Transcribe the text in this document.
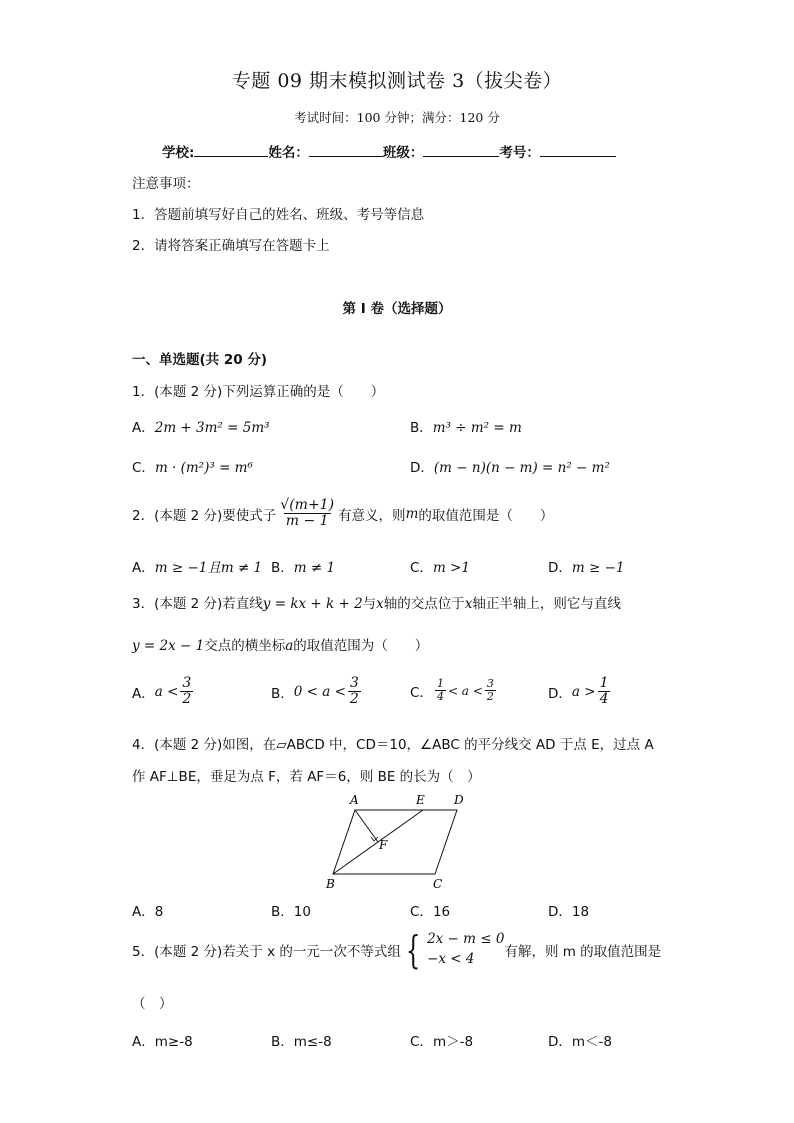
专题 09 期末模拟测试卷 3（拔尖卷）
考试时间：100 分钟；满分：120 分
学校:	姓名：	班级：	考号：
注意事项：
1．答题前填写好自己的姓名、班级、考号等信息
2．请将答案正确填写在答题卡上
第 I 卷（选择题）
一、单选题(共 20 分)
1．(本题 2 分)下列运算正确的是（　　）
A．2m + 3m² = 5m³	B．m³ ÷ m² = m
C．m · (m²)³ = m⁶	D．(m − n)(n − m) = n² − m²
2．(本题 2 分)要使式子 $\frac{√(m+1)}{m - 1}$ 有意义，则 m 的取值范围是（　　）
A．m ≥ −1且m ≠ 1 B．m ≠ 1	C．m >1	D．m ≥ −1
3．(本题 2 分)若直线y = kx + k + 2与x轴的交点位于x轴正半轴上，则它与直线
y = 2x − 1交点的横坐标a的取值范围为（　　）
A． $a < \frac{3}{2}$	B． $0 < a < \frac{3}{2}$	C． $\frac{1}{4} < a < \frac{3}{2}$	D． $a > \frac{1}{4}$
4．(本题 2 分)如图，在▱ABCD 中，CD＝10，∠ABC 的平分线交 AD 于点 E，过点 A
作 AF⊥BE，垂足为点 F，若 AF＝6，则 BE 的长为（　）
A	E D
F
B	C
A．8	B．10	C．16	D．18
5．(本题 2 分)若关于 x 的一元一次不等式组 { 2x − m ≤ 0
−x < 4	有解，则 m 的取值范围是
（　）
A．m≥-8	B．m≤-8	C．m＞-8	D．m＜-8
